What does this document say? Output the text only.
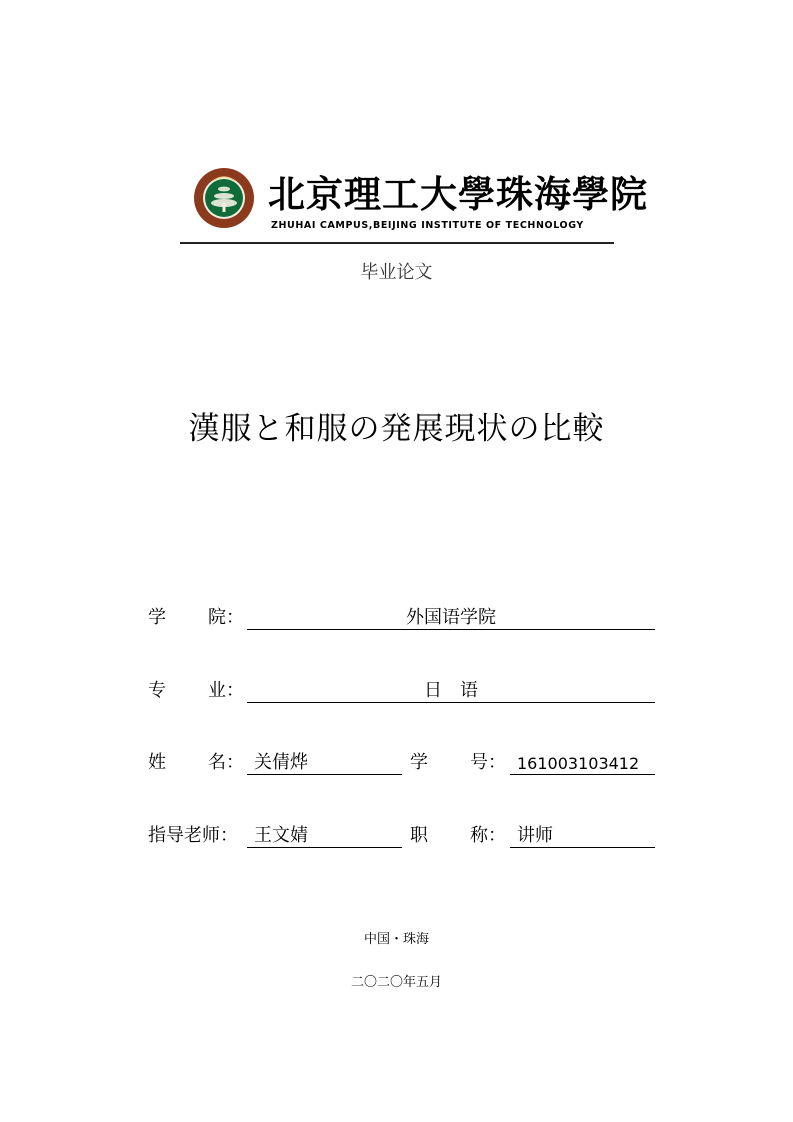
北京理工大學珠海學院
ZHUHAI CAMPUS,BEIJING INSTITUTE OF TECHNOLOGY
毕业论文
漢服と和服の発展現状の比較
学 院：	外国语学院
专 业：	日　语
姓 名： 关倩烨	学 号： 161003103412
指导老师： 王文婧	职 称： 讲师
中国・珠海
二〇二〇年五月
